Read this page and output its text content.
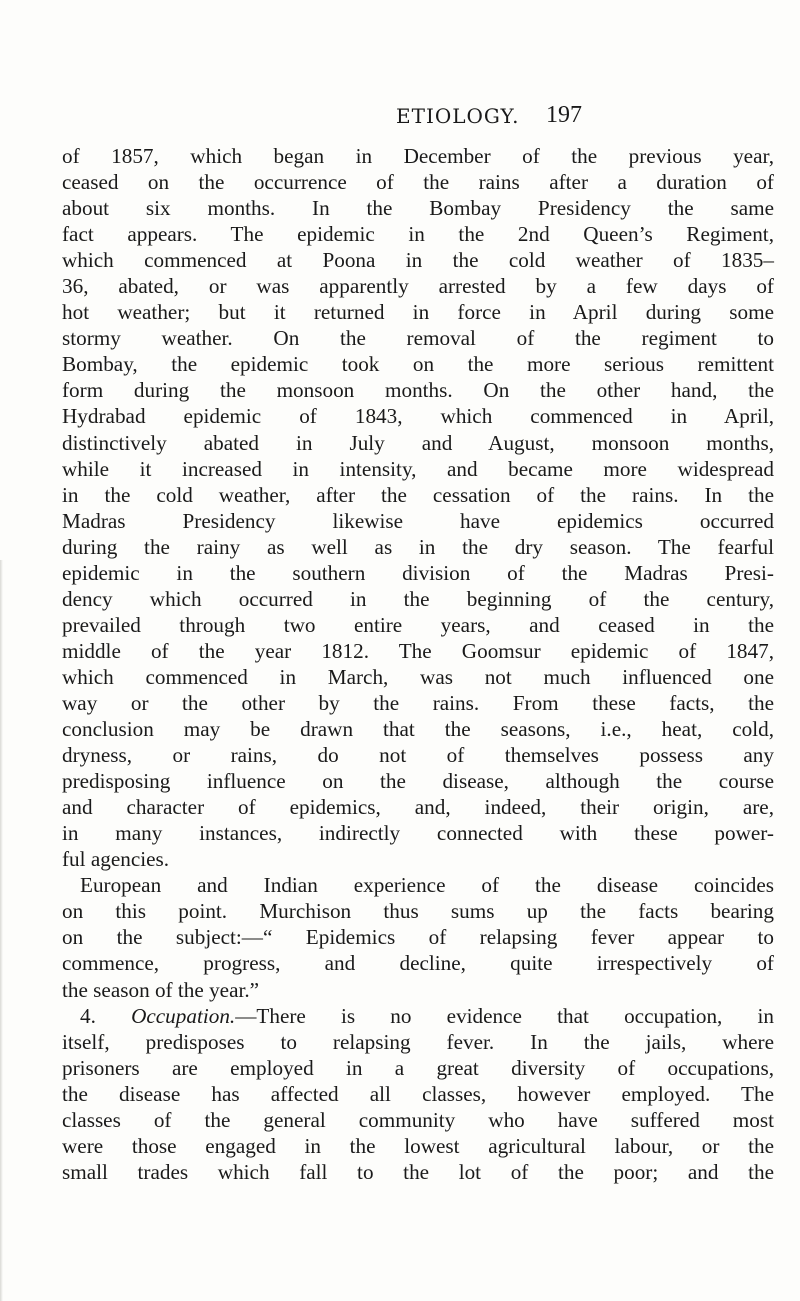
ETIOLOGY. 197
of 1857, which began in December of the previous year,
ceased on the occurrence of the rains after a duration of
about six months. In the Bombay Presidency the same
fact appears. The epidemic in the 2nd Queen’s Regiment,
which commenced at Poona in the cold weather of 1835–
36, abated, or was apparently arrested by a few days of
hot weather; but it returned in force in April during some
stormy weather. On the removal of the regiment to
Bombay, the epidemic took on the more serious remittent
form during the monsoon months. On the other hand, the
Hydrabad epidemic of 1843, which commenced in April,
distinctively abated in July and August, monsoon months,
while it increased in intensity, and became more widespread
in the cold weather, after the cessation of the rains. In the
Madras Presidency likewise have epidemics occurred
during the rainy as well as in the dry season. The fearful
epidemic in the southern division of the Madras Presi-
dency which occurred in the beginning of the century,
prevailed through two entire years, and ceased in the
middle of the year 1812. The Goomsur epidemic of 1847,
which commenced in March, was not much influenced one
way or the other by the rains. From these facts, the
conclusion may be drawn that the seasons, i.e., heat, cold,
dryness, or rains, do not of themselves possess any
predisposing influence on the disease, although the course
and character of epidemics, and, indeed, their origin, are,
in many instances, indirectly connected with these power-
ful agencies.
European and Indian experience of the disease coincides
on this point. Murchison thus sums up the facts bearing
on the subject:—“ Epidemics of relapsing fever appear to
commence, progress, and decline, quite irrespectively of
the season of the year.”
4. Occupation.—There is no evidence that occupation, in
itself, predisposes to relapsing fever. In the jails, where
prisoners are employed in a great diversity of occupations,
the disease has affected all classes, however employed. The
classes of the general community who have suffered most
were those engaged in the lowest agricultural labour, or the
small trades which fall to the lot of the poor; and the
